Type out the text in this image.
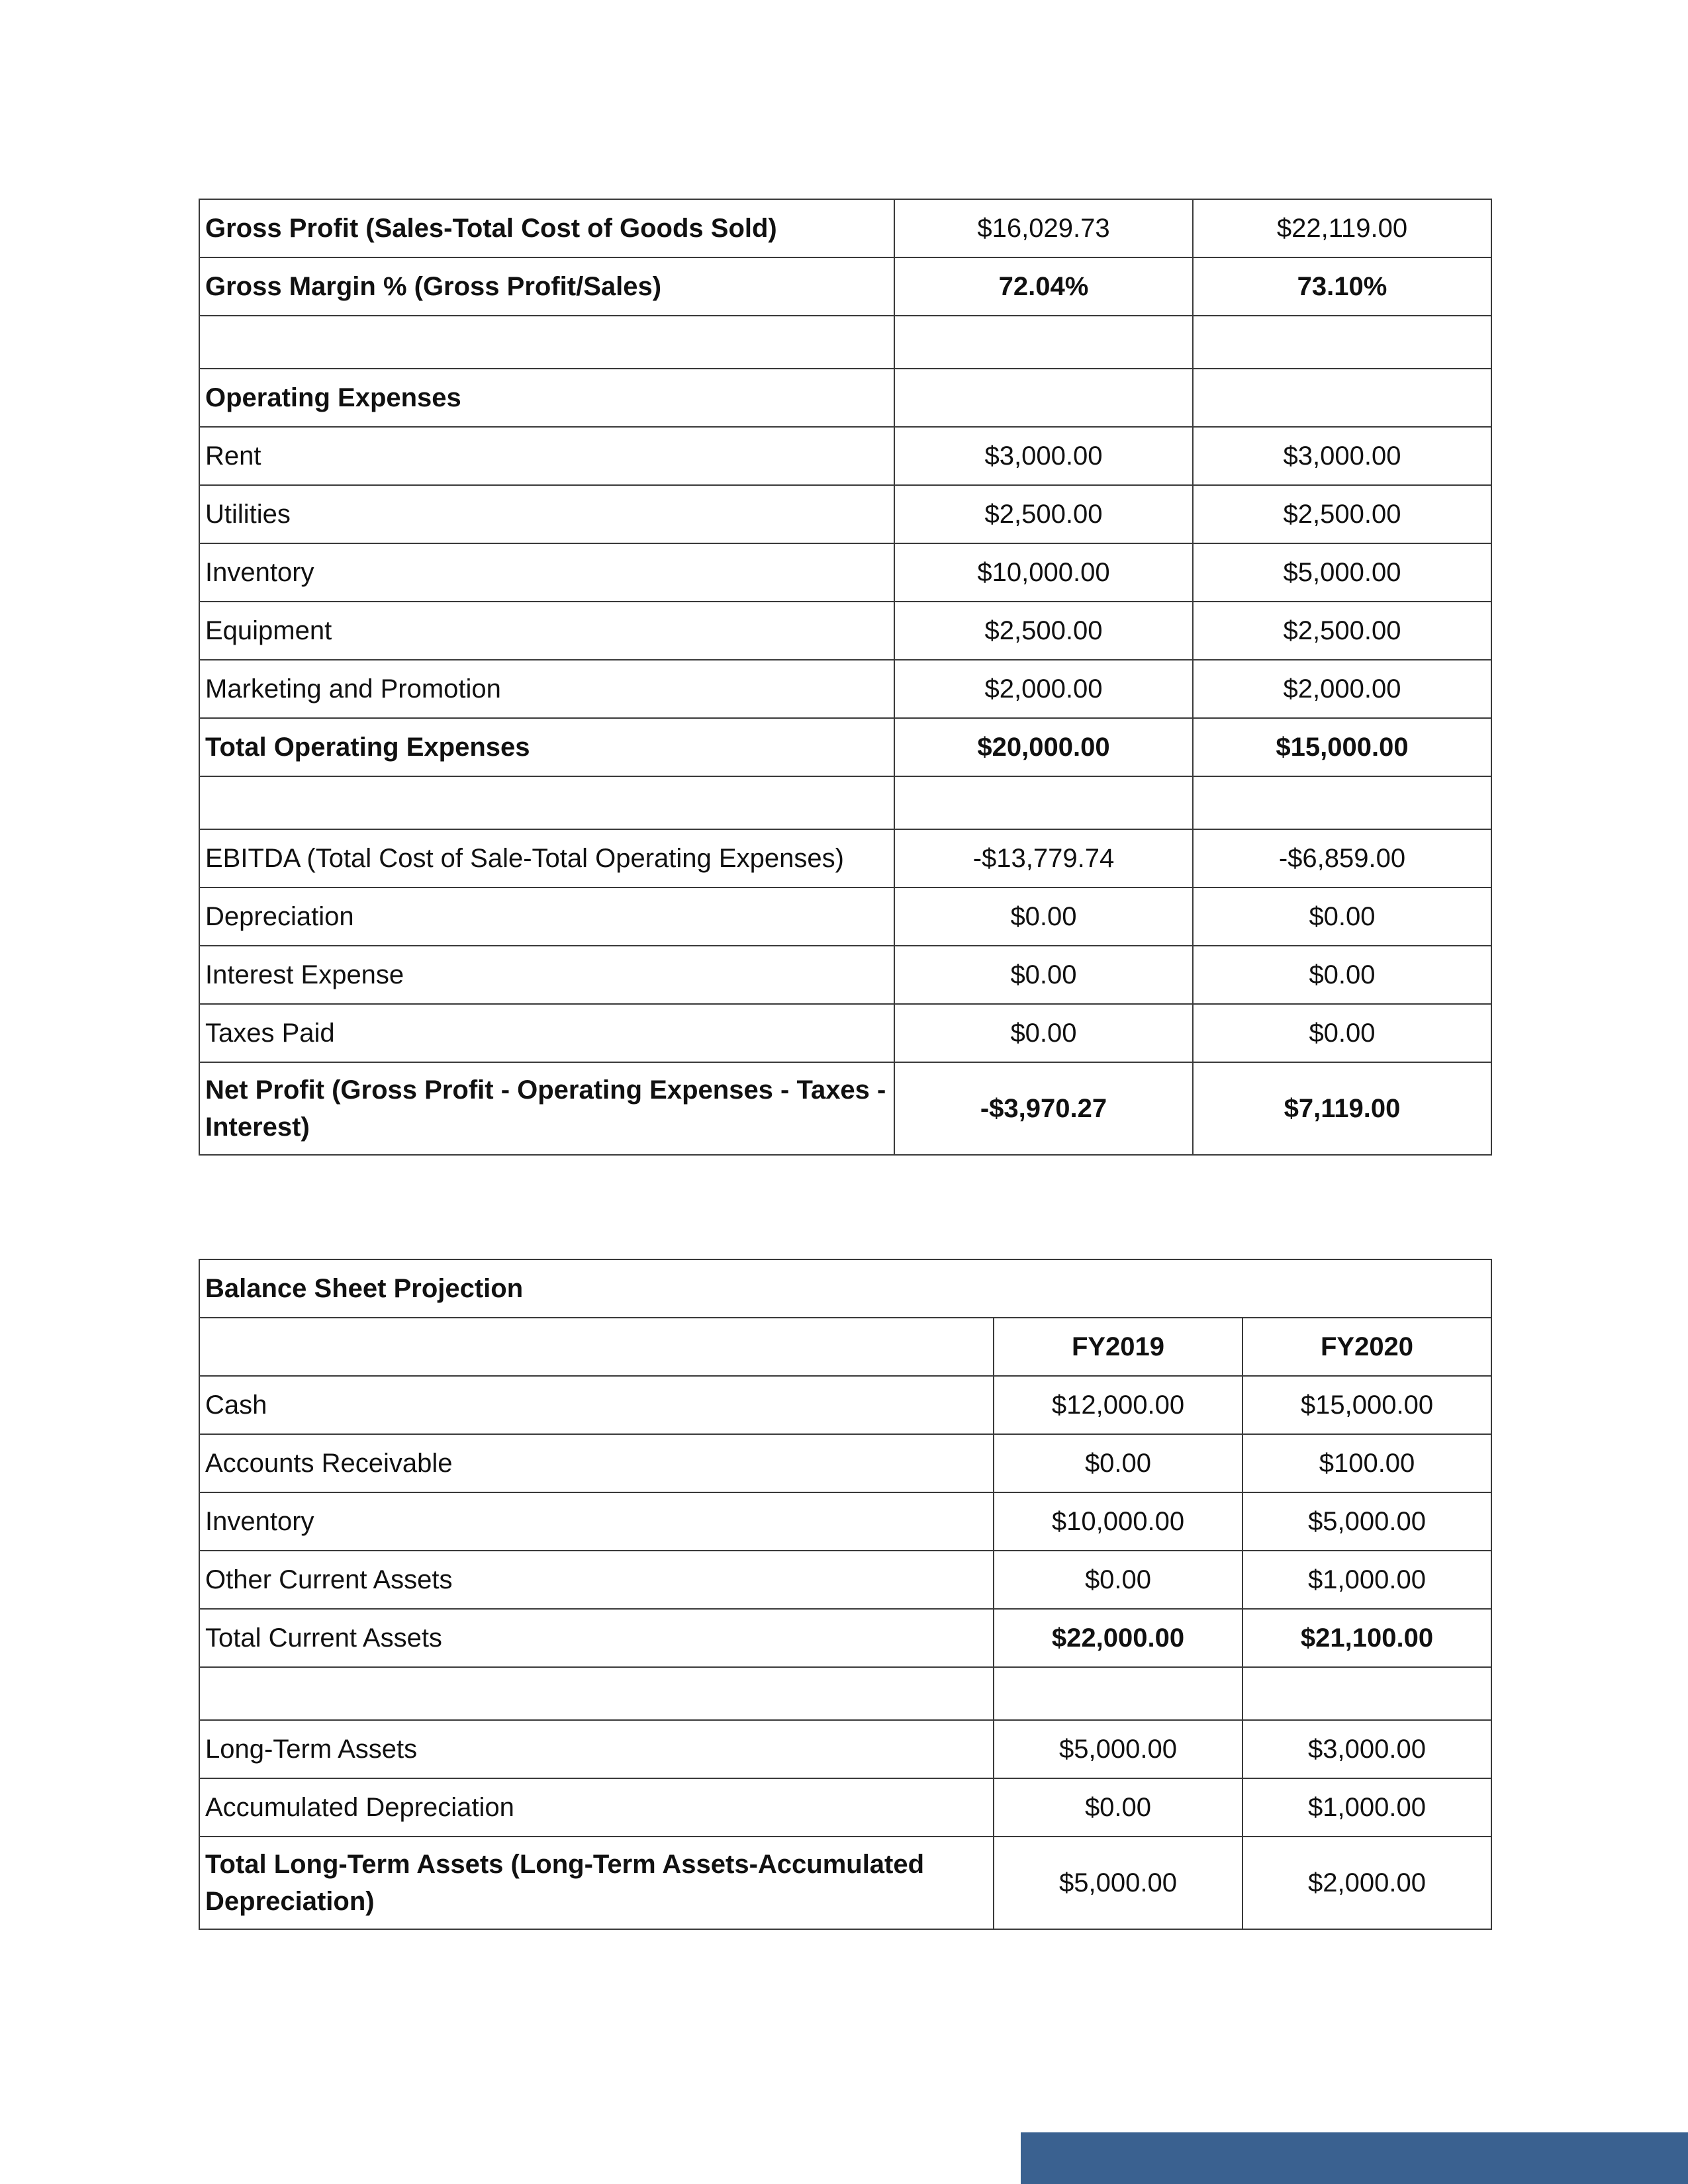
Gross Profit (Sales-Total Cost of Goods Sold)	$16,029.73	$22,119.00
Gross Margin % (Gross Profit/Sales)	72.04%	73.10%

Operating Expenses		
Rent	$3,000.00	$3,000.00
Utilities	$2,500.00	$2,500.00
Inventory	$10,000.00	$5,000.00
Equipment	$2,500.00	$2,500.00
Marketing and Promotion	$2,000.00	$2,000.00
Total Operating Expenses	$20,000.00	$15,000.00

EBITDA (Total Cost of Sale-Total Operating Expenses)	-$13,779.74	-$6,859.00
Depreciation	$0.00	$0.00
Interest Expense	$0.00	$0.00
Taxes Paid	$0.00	$0.00
Net Profit (Gross Profit - Operating Expenses - Taxes - Interest)	-$3,970.27	$7,119.00
Balance Sheet Projection		
	FY2019	FY2020
Cash	$12,000.00	$15,000.00
Accounts Receivable	$0.00	$100.00
Inventory	$10,000.00	$5,000.00
Other Current Assets	$0.00	$1,000.00
Total Current Assets	$22,000.00	$21,100.00

Long-Term Assets	$5,000.00	$3,000.00
Accumulated Depreciation	$0.00	$1,000.00
Total Long-Term Assets (Long-Term Assets-Accumulated Depreciation)	$5,000.00	$2,000.00
